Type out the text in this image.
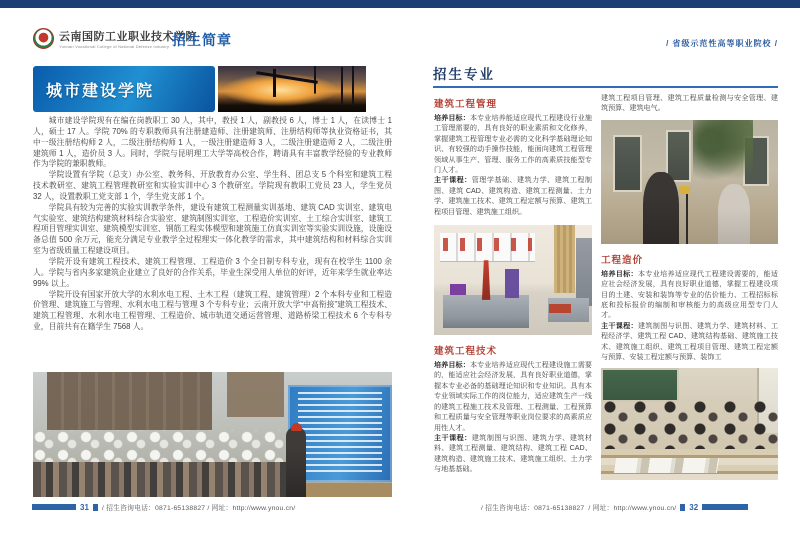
云南国防工业职业技术学院
Yunnan Vocational College of National Defense Industry 招生简章	/ 省级示范性高等职业院校 /
城市建设学院

城市建设学院现有在编在岗教职工 30 人，其中，教授 1 人，副教授 6 人，博士 1 人，在读博士 1 人，硕士 17 人。学院 70% 的专职教师具有注册建造师、注册建筑师、注册结构师等执业资格证书，其中一级注册结构师 2 人，二级注册结构师 1 人，一级注册建造师 3 人，二级注册建造师 2 人，二级注册建筑师 1 人，造价员 3 人。同时，学院与昆明理工大学等高校合作，聘请具有丰富教学经验的专业教师作为学院的兼职教师。

学院设置有学院（总支）办公室、教务科、开放教育办公室、学生科、团总支 5 个科室和建筑工程技术教研室、建筑工程管理教研室和实验实训中心 3 个教研室。学院现有教职工党员 23 人，学生党员 32 人，设置教职工党支部 1 个，学生党支部 1 个。

学院具有较为完善的实验实训教学条件，建设有建筑工程测量实训基地、建筑 CAD 实训室、建筑电气实验室、建筑结构建筑材料综合实验室、建筑制图实训室、工程造价实训室、土工综合实训室、建筑工程项目管理实训室、建筑模型实训室、钢筋工程实体模型和建筑施工仿真实训室等实验实训设施，设施设备总值 500 余万元，能充分满足专业教学全过程理实一体化教学的需求，其中建筑结构和材料综合实训室为省级质量工程建设项目。

学院开设有建筑工程技术、建筑工程管理、工程造价 3 个全日制专科专业，现有在校学生 1100 余人。学院与省内多家建筑企业建立了良好的合作关系，毕业生深受用人单位的好评，近年来学生就业率达 99% 以上。

学院开设有国家开放大学的水利水电工程、土木工程（建筑工程、建筑管理）2 个本科专业和工程造价管理、建筑施工与管理、水利水电工程与管理 3 个专科专业；云南开放大学“中高衔接”建筑工程技术、建筑工程管理、水利水电工程管理、工程造价、城市轨道交通运营管理、道路桥梁工程技术 6 个专科专业，目前共有在籍学生 7568 人。

31 / 招生咨询电话：0871-65138827 / 网址：http://www.ynou.cn/
招生专业
建筑工程管理

培养目标：本专业培养能适应现代工程建设行业施工管理需要的，具有良好的职业素质和文化修养，掌握建筑工程管理专业必需的文化科学基础理论知识、有较强的动手操作技能，能面向建筑工程管理领域从事生产、管理、服务工作的高素质技能型专门人才。

主干课程：管理学基础、建筑力学、建筑工程制图、建筑 CAD、建筑构造、建筑工程测量、土力学、建筑施工技术、建筑工程定额与预算、建筑工程项目管理、建筑施工组织。

建筑工程技术

培养目标：本专业培养适应现代工程建设施工需要的，能适应社会经济发展，具有良好职业道德，掌握本专业必备的基础理论知识和专业知识。具有本专业领域实际工作的岗位能力，适应建筑生产一线的建筑工程施工技术及管理、工程测量、工程预算和工程质量与安全管理等职业岗位要求的高素质应用性人才。

主干课程：建筑制图与识图、建筑力学、建筑材料、建筑工程测量、建筑结构、建筑工程 CAD、建筑构造、建筑施工技术、建筑施工组织、土力学与地基基础。

建筑工程项目管理、建筑工程质量检测与安全管理、建筑预算、建筑电气。

工程造价

培养目标：本专业培养适应现代工程建设需要的，能适应社会经济发展，具有良好职业道德，掌握工程建设项目的土建、安装和装饰等专业的估价能力、工程招标标底和投标报价的编制和审核能力的高级应用型专门人才。

主干课程：建筑制图与识图、建筑力学、建筑材料、工程经济学、建筑工程 CAD、建筑结构基础、建筑施工技术、建筑施工组织、建筑工程项目管理、建筑工程定额与预算、安装工程定额与预算、装饰工

/ 招生咨询电话：0871-65138827 / 网址：http://www.ynou.cn/ 32
